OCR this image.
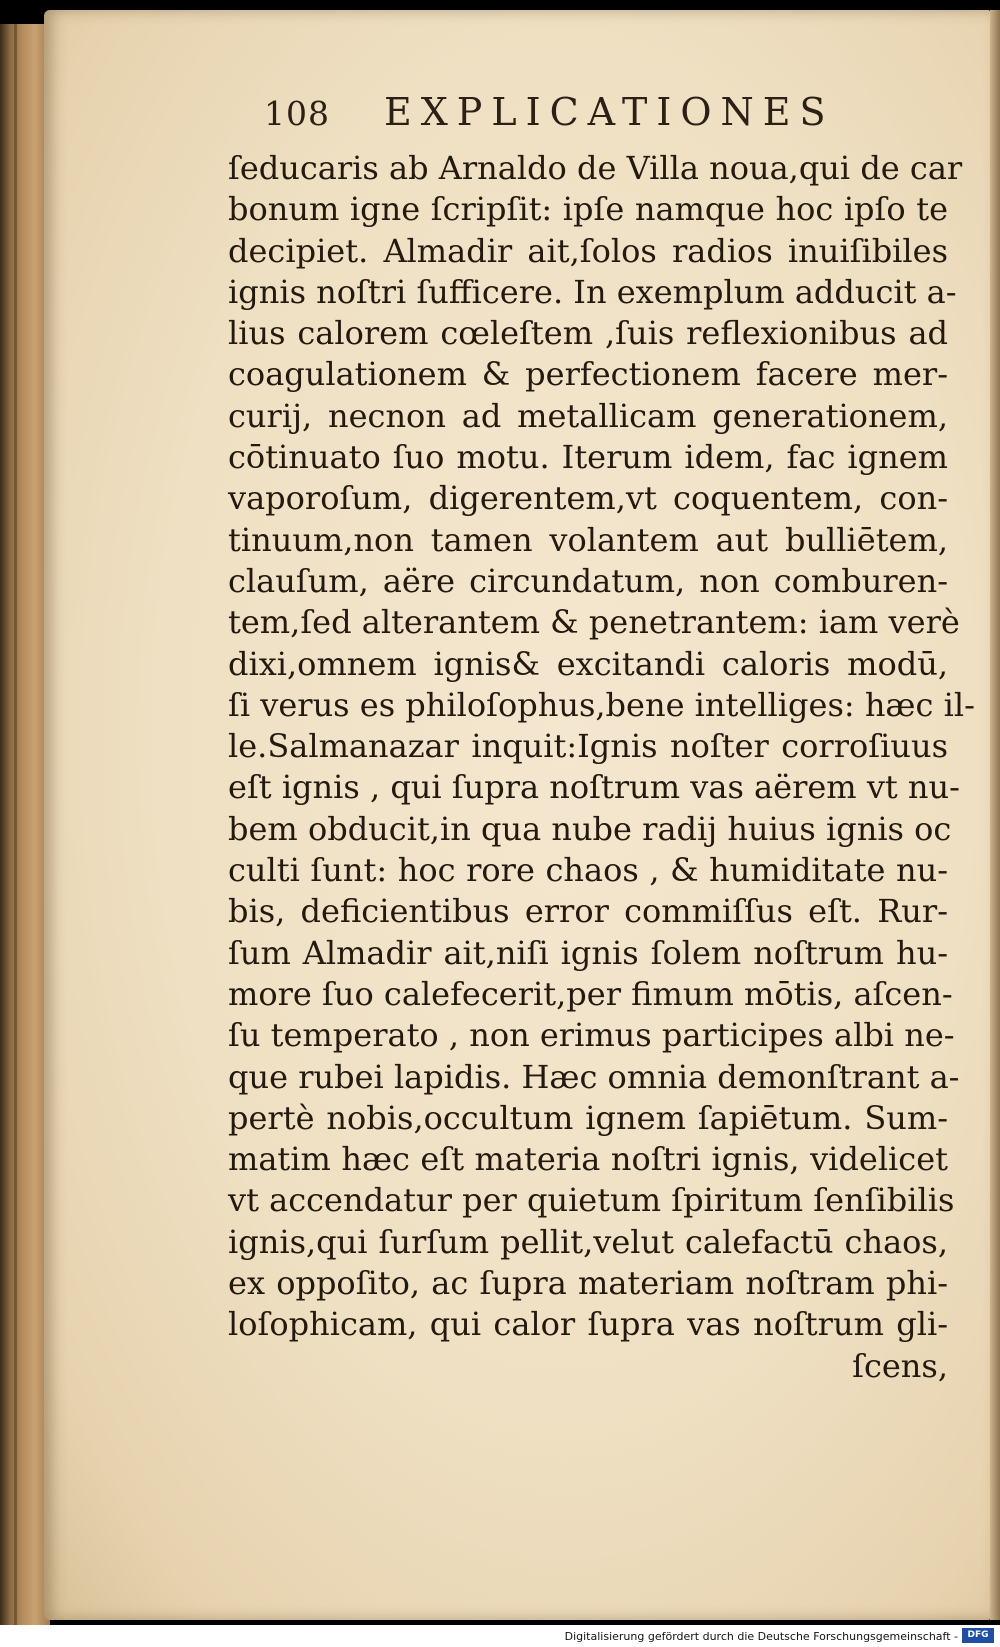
108 EXPLICATIONES
ſeducaris ab Arnaldo de Villa noua,qui de car
bonum igne ſcripſit: ipſe namque hoc ipſo te
decipiet. Almadir ait,ſolos radios inuiſibiles
ignis noſtri ſufficere. In exemplum adducit a-
lius calorem cœleſtem ,ſuis reflexionibus ad
coagulationem & perfectionem facere mer-
curij, necnon ad metallicam generationem,
cōtinuato ſuo motu. Iterum idem, fac ignem
vaporoſum, digerentem,vt coquentem, con-
tinuum,non tamen volantem aut bulliētem,
clauſum, aëre circundatum, non comburen-
tem,ſed alterantem & penetrantem: iam verè
dixi,omnem ignis& excitandi caloris modū,
ſi verus es philoſophus,bene intelliges: hæc il-
le.Salmanazar inquit:Ignis noſter corroſiuus
eſt ignis , qui ſupra noſtrum vas aërem vt nu-
bem obducit,in qua nube radij huius ignis oc
culti ſunt: hoc rore chaos , & humiditate nu-
bis, deficientibus error commiſſus eſt. Rur-
ſum Almadir ait,niſi ignis ſolem noſtrum hu-
more ſuo calefecerit,per fimum mōtis, aſcen-
ſu temperato , non erimus participes albi ne-
que rubei lapidis. Hæc omnia demonſtrant a-
pertè nobis,occultum ignem ſapiētum. Sum-
matim hæc eſt materia noſtri ignis, videlicet
vt accendatur per quietum ſpiritum ſenſibilis
ignis,qui ſurſum pellit,velut calefactū chaos,
ex oppoſito, ac ſupra materiam noſtram phi-
loſophicam, qui calor ſupra vas noſtrum gli-
ſcens,
Digitalisierung gefördert durch die Deutsche Forschungsgemeinschaft -	DFG
